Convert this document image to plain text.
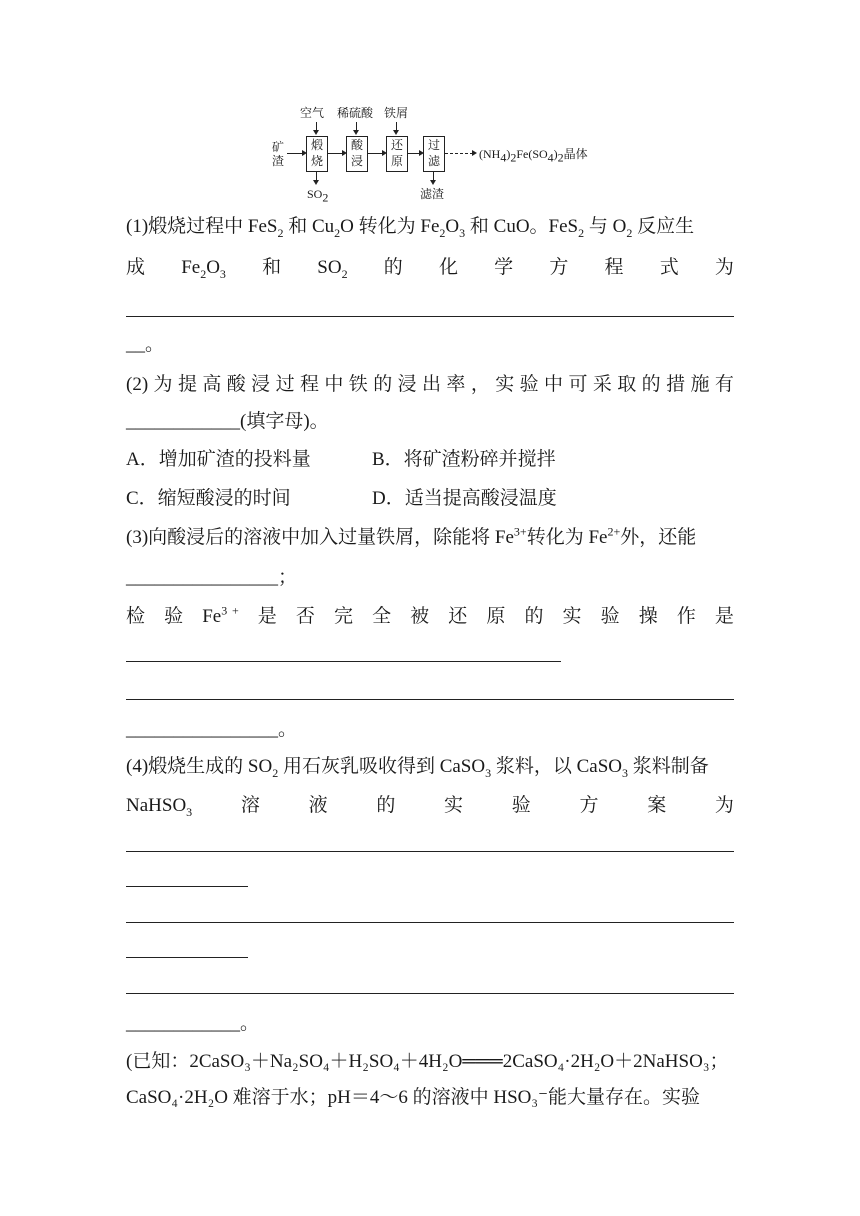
空气 稀硫酸 铁屑
矿
渣
煅
烧
酸
浸
还
原
过
滤	$(NH_4)_2Fe(SO_4)_2$晶体
$SO_2$	滤渣
(1)煅烧过程中 FeS$_2$ 和 $Cu_2O$ 转化为 $Fe_2O_3$ 和 CuO。FeS$_2$ 与 $O_2$ 反应生
成 $Fe_2O_3$ 和 $SO_2$ 的 化 学 方 程 式 为
__。
(2) 为 提 高 酸 浸 过 程 中 铁 的 浸 出 率 ， 实 验 中 可 采 取 的 措 施 有
____________(填字母)。
A．增加矿渣的投料量	B．将矿渣粉碎并搅拌
C．缩短酸浸的时间	D．适当提高酸浸温度
(3)向酸浸后的溶液中加入过量铁屑，除能将 $Fe^{3+}$转化为 $Fe^{2+}$外，还能
________________；
检 验 Fe$^3$ + 是 否 完 全 被 还 原 的 实 验 操 作 是
________________。
(4)煅烧生成的 $SO_2$ 用石灰乳吸收得到 CaSO$_3$ 浆料，以 CaSO$_3$ 浆料制备
NaHSO$_3$	溶	液	的	实	验	方	案	为
____________。
(已知：2CaSO₃＋Na₂SO₄＋H₂SO₄＋4H₂O═══2CaSO₄·2H₂O＋2NaHSO₃；
CaSO₄·2H₂O 难溶于水；pH＝4～6 的溶液中 HSO₃⁻能大量存在。实验
